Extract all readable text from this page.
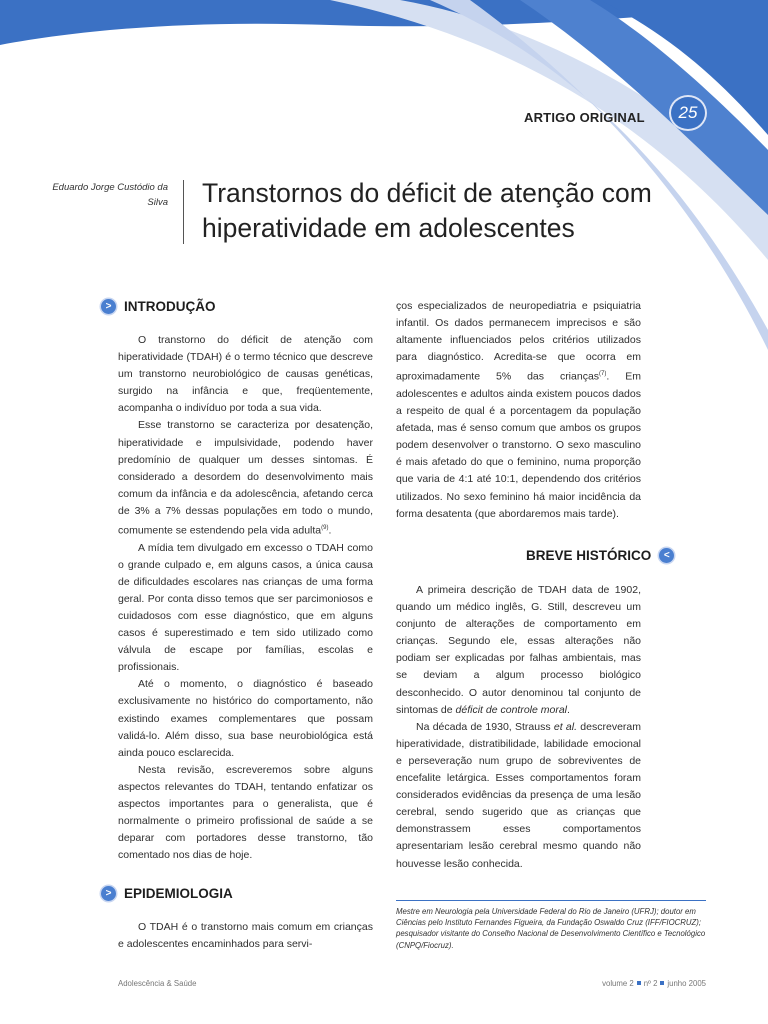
ARTIGO ORIGINAL	25
Eduardo Jorge Custódio da Silva Transtornos do déficit de atenção com
hiperatividade em adolescentes
> INTRODUÇÃO

O transtorno do déficit de atenção com hiperatividade (TDAH) é o termo técnico que descreve um transtorno neurobiológico de causas genéticas, surgido na infância e que, freqüentemente, acompanha o indivíduo por toda a sua vida.

Esse transtorno se caracteriza por desatenção, hiperatividade e impulsividade, podendo haver predomínio de qualquer um desses sintomas. É considerado a desordem do desenvolvimento mais comum da infância e da adolescência, afetando cerca de 3% a 7% dessas populações em todo o mundo, comumente se estendendo pela vida adulta$^{(9)}$.

A mídia tem divulgado em excesso o TDAH como o grande culpado e, em alguns casos, a única causa de dificuldades escolares nas crianças de uma forma geral. Por conta disso temos que ser parcimoniosos e cuidadosos com esse diagnóstico, que em alguns casos é superestimado e tem sido utilizado como válvula de escape por famílias, escolas e profissionais.

Até o momento, o diagnóstico é baseado exclusivamente no histórico do comportamento, não existindo exames complementares que possam validá-lo. Além disso, sua base neurobiológica está ainda pouco esclarecida.

Nesta revisão, escreveremos sobre alguns aspectos relevantes do TDAH, tentando enfatizar os aspectos importantes para o generalista, que é normalmente o primeiro profissional de saúde a se deparar com portadores desse transtorno, tão comentado nos dias de hoje.

> EPIDEMIOLOGIA

O TDAH é o transtorno mais comum em crianças e adolescentes encaminhados para servi-

ços especializados de neuropediatria e psiquiatria infantil. Os dados permanecem imprecisos e são altamente influenciados pelos critérios utilizados para diagnóstico. Acredita-se que ocorra em aproximadamente 5% das crianças$^{(7)}$. Em adolescentes e adultos ainda existem poucos dados a respeito de qual é a porcentagem da população afetada, mas é senso comum que ambos os grupos podem desenvolver o transtorno. O sexo masculino é mais afetado do que o feminino, numa proporção que varia de 4:1 até 10:1, dependendo dos critérios utilizados. No sexo feminino há maior incidência da forma desatenta (que abordaremos mais tarde).

BREVE HISTÓRICO	<

A primeira descrição de TDAH data de 1902, quando um médico inglês, G. Still, descreveu um conjunto de alterações de comportamento em crianças. Segundo ele, essas alterações não podiam ser explicadas por falhas ambientais, mas se deviam a algum processo biológico desconhecido. O autor denominou tal conjunto de sintomas de déficit de controle moral.

Na década de 1930, Strauss et al. descreveram hiperatividade, distratibilidade, labilidade emocional e perseveração num grupo de sobreviventes de encefalite letárgica. Esses comportamentos foram considerados evidências da presença de uma lesão cerebral, sendo sugerido que as crianças que demonstrassem esses comportamentos apresentariam lesão cerebral mesmo quando não houvesse lesão conhecida.

Mestre em Neurologia pela Universidade Federal do Rio de Janeiro (UFRJ); doutor em Ciências pelo Instituto Fernandes Figueira, da Fundação Oswaldo Cruz (IFF/FIOCRUZ); pesquisador visitante do Conselho Nacional de Desenvolvimento Científico e Tecnológico (CNPQ/Fiocruz).
Adolescência & Saúde	volume 2 nº 2 junho 2005
